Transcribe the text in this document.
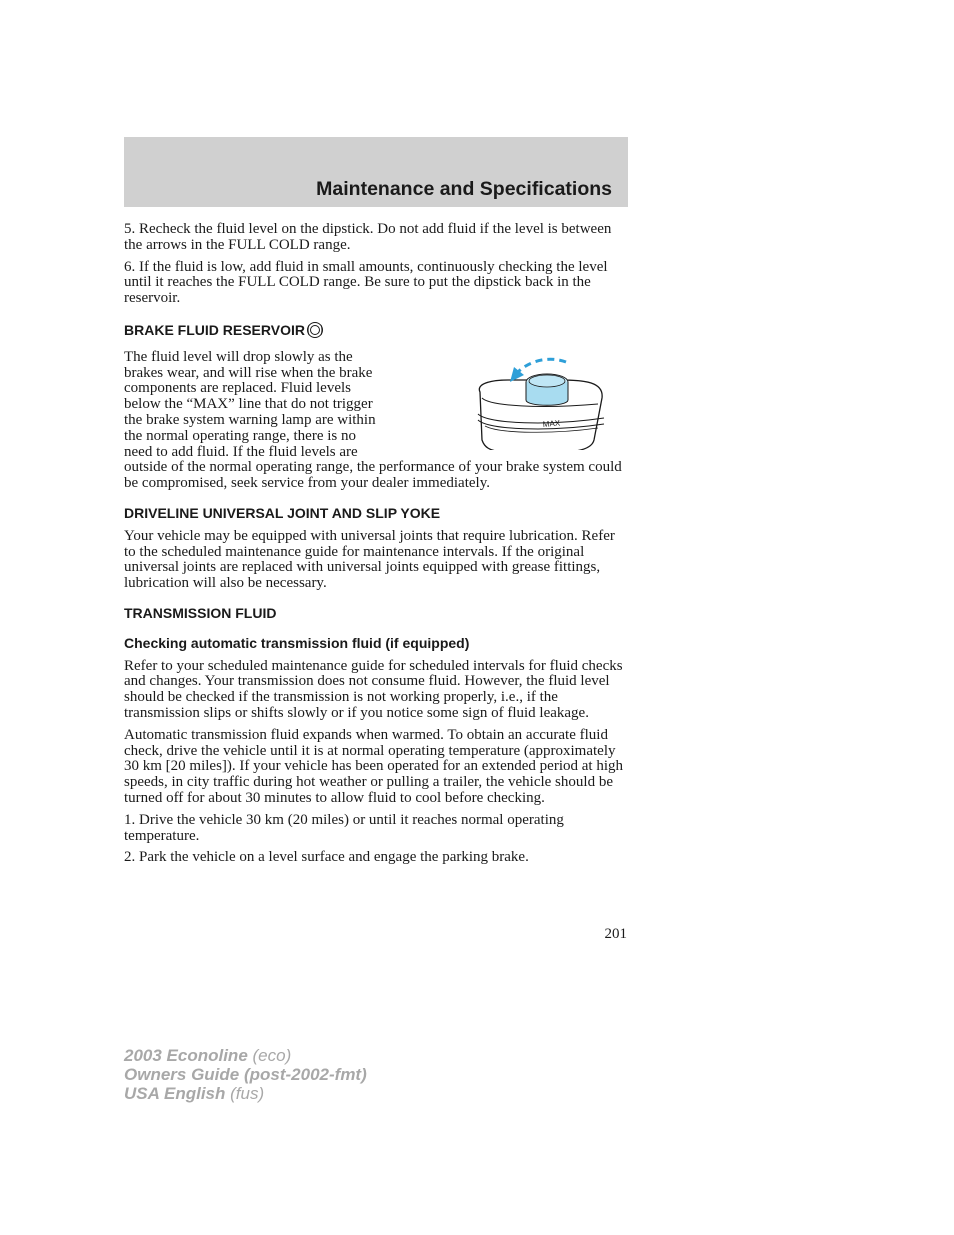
Maintenance and Specifications

5. Recheck the fluid level on the dipstick. Do not add fluid if the level is between the arrows in the FULL COLD range.

6. If the fluid is low, add fluid in small amounts, continuously checking the level until it reaches the FULL COLD range. Be sure to put the dipstick back in the reservoir.

BRAKE FLUID RESERVOIR
MAX

The fluid level will drop slowly as the brakes wear, and will rise when the brake components are replaced. Fluid levels below the “MAX” line that do not trigger the brake system warning lamp are within the normal operating range, there is no need to add fluid. If the fluid levels are outside of the normal operating range, the performance of your brake system could be compromised, seek service from your dealer immediately.

DRIVELINE UNIVERSAL JOINT AND SLIP YOKE

Your vehicle may be equipped with universal joints that require lubrication. Refer to the scheduled maintenance guide for maintenance intervals. If the original universal joints are replaced with universal joints equipped with grease fittings, lubrication will also be necessary.

TRANSMISSION FLUID
Checking automatic transmission fluid (if equipped)

Refer to your scheduled maintenance guide for scheduled intervals for fluid checks and changes. Your transmission does not consume fluid. However, the fluid level should be checked if the transmission is not working properly, i.e., if the transmission slips or shifts slowly or if you notice some sign of fluid leakage.

Automatic transmission fluid expands when warmed. To obtain an accurate fluid check, drive the vehicle until it is at normal operating temperature (approximately 30 km [20 miles]). If your vehicle has been operated for an extended period at high speeds, in city traffic during hot weather or pulling a trailer, the vehicle should be turned off for about 30 minutes to allow fluid to cool before checking.

1. Drive the vehicle 30 km (20 miles) or until it reaches normal operating temperature.

2. Park the vehicle on a level surface and engage the parking brake.

201
2003 Econoline (eco)
Owners Guide (post-2002-fmt)
USA English (fus)
